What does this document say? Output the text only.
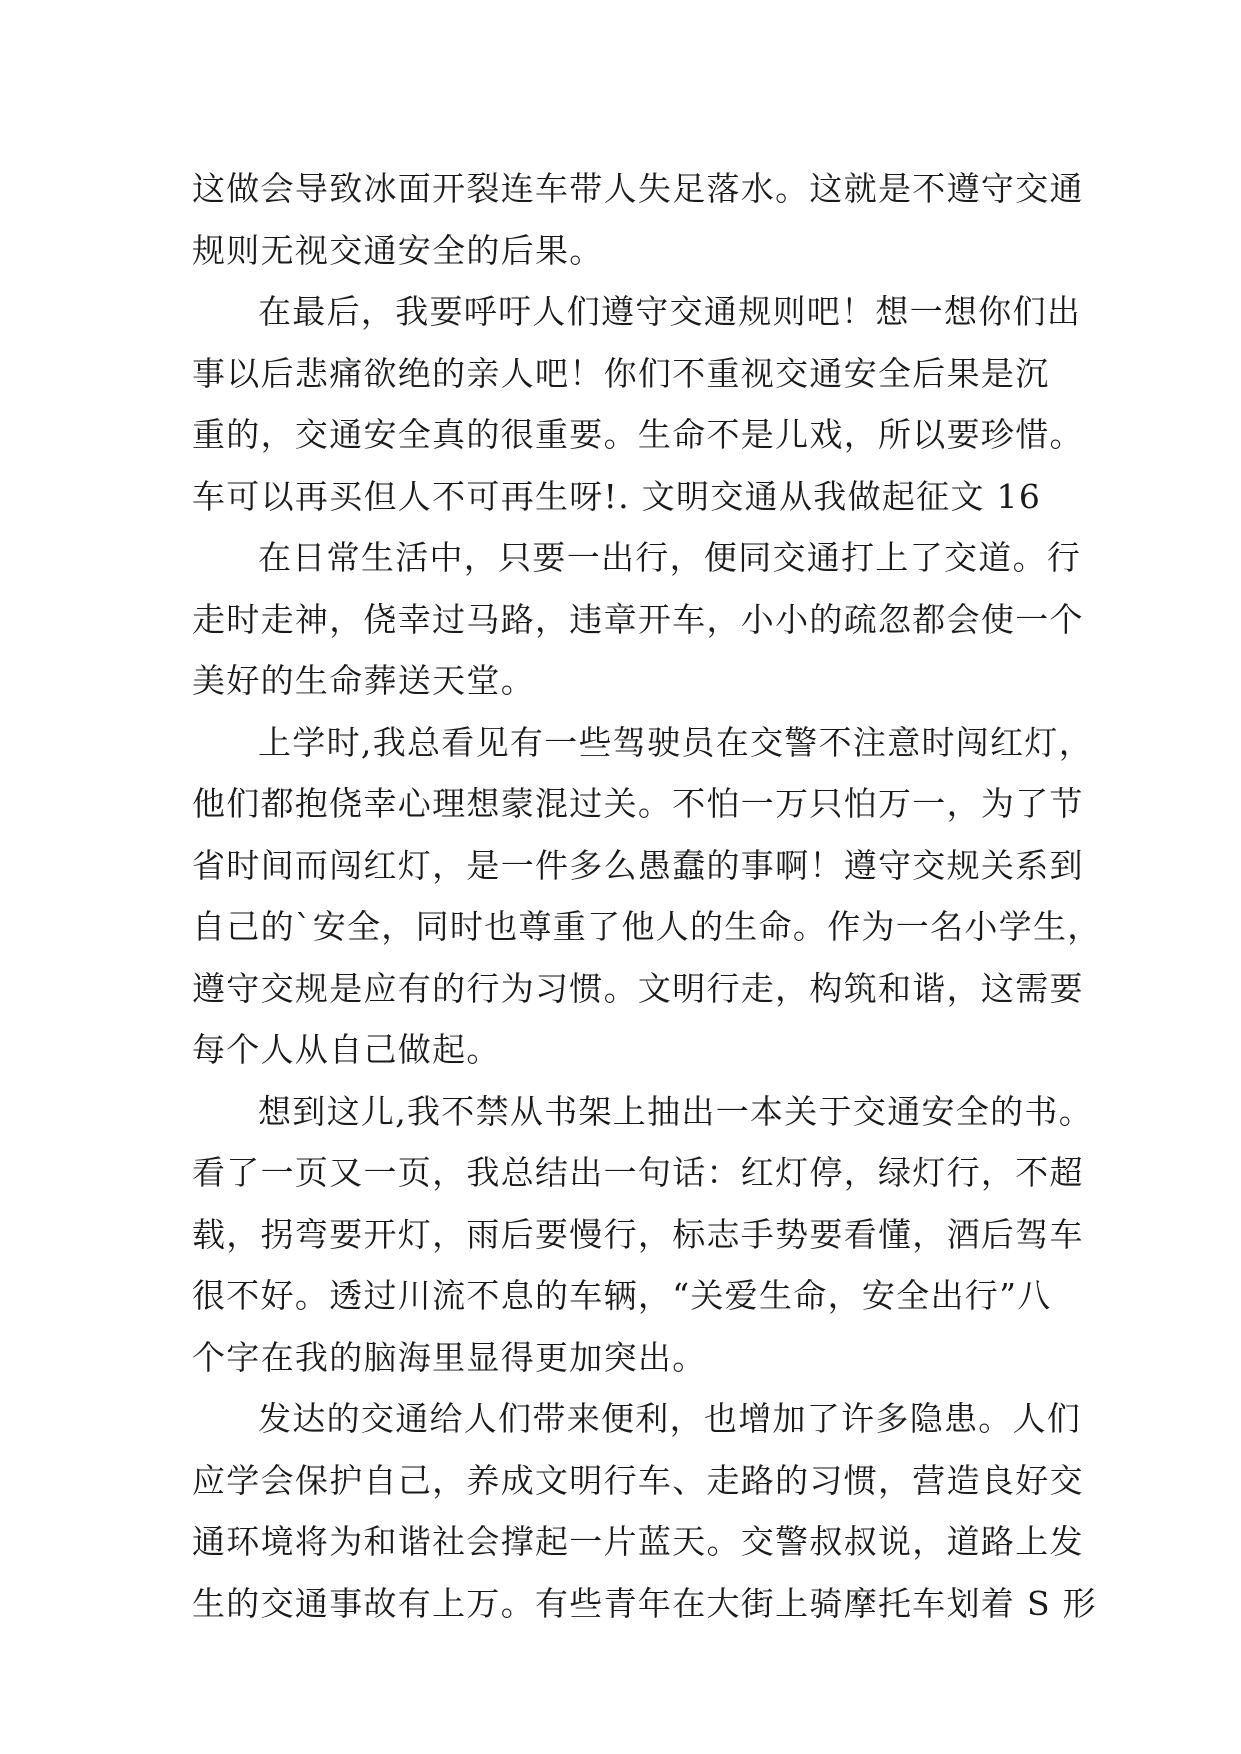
这做会导致冰面开裂连车带人失足落水。这就是不遵守交通
规则无视交通安全的后果。
在最后，我要呼吁人们遵守交通规则吧！想一想你们出
事以后悲痛欲绝的亲人吧！你们不重视交通安全后果是沉
重的，交通安全真的很重要。生命不是儿戏，所以要珍惜。
车可以再买但人不可再生呀!. 文明交通从我做起征文 16
在日常生活中，只要一出行，便同交通打上了交道。行
走时走神，侥幸过马路，违章开车，小小的疏忽都会使一个
美好的生命葬送天堂。
上学时,我总看见有一些驾驶员在交警不注意时闯红灯，
他们都抱侥幸心理想蒙混过关。不怕一万只怕万一，为了节
省时间而闯红灯，是一件多么愚蠢的事啊！遵守交规关系到
自己的`安全，同时也尊重了他人的生命。作为一名小学生，
遵守交规是应有的行为习惯。文明行走，构筑和谐，这需要
每个人从自己做起。
想到这儿,我不禁从书架上抽出一本关于交通安全的书。
看了一页又一页，我总结出一句话：红灯停，绿灯行，不超
载，拐弯要开灯，雨后要慢行，标志手势要看懂，酒后驾车
很不好。透过川流不息的车辆，“关爱生命，安全出行”八
个字在我的脑海里显得更加突出。
发达的交通给人们带来便利，也增加了许多隐患。人们
应学会保护自己，养成文明行车、走路的习惯，营造良好交
通环境将为和谐社会撑起一片蓝天。交警叔叔说，道路上发
生的交通事故有上万。有些青年在大街上骑摩托车划着 S 形
